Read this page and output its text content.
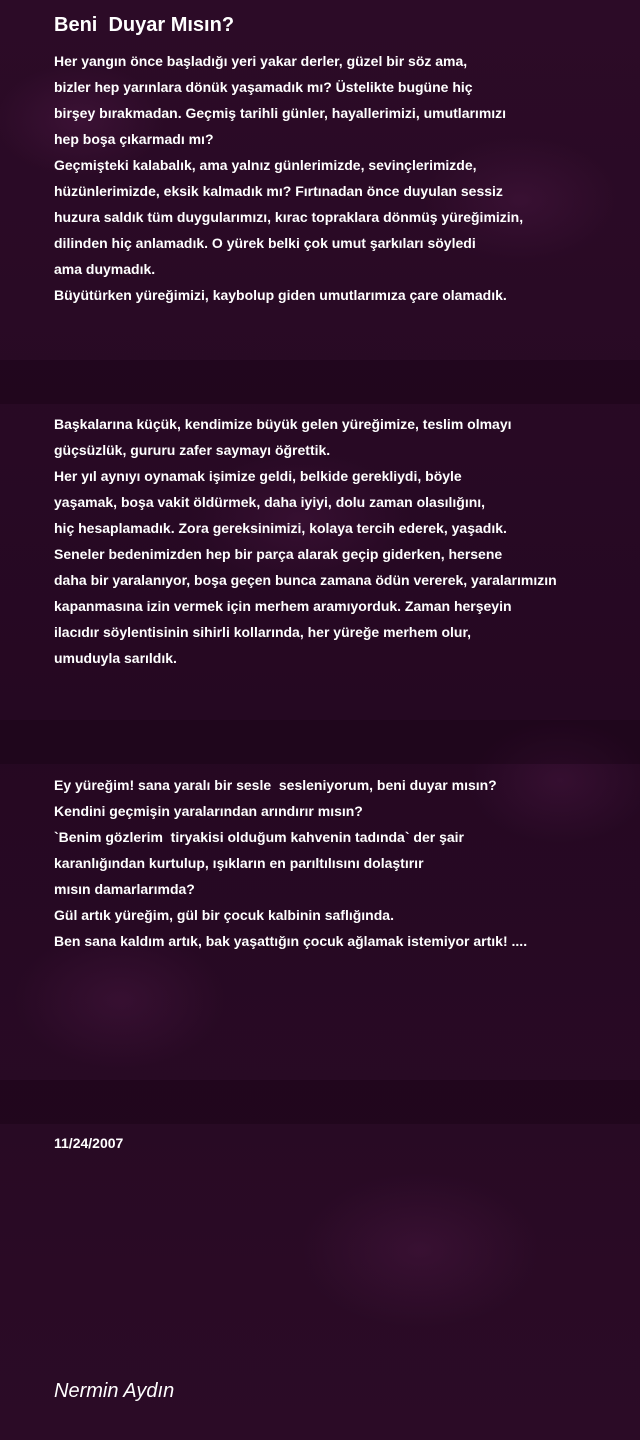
Beni  Duyar Mısın?
Her yangın önce başladığı yeri yakar derler, güzel bir söz ama,
bizler hep yarınlara dönük yaşamadık mı? Üstelikte bugüne hiç
birşey bırakmadan. Geçmiş tarihli günler, hayallerimizi, umutlarımızı
hep boşa çıkarmadı mı?
Geçmişteki kalabalık, ama yalnız günlerimizde, sevinçlerimizde,
hüzünlerimizde, eksik kalmadık mı? Fırtınadan önce duyulan sessiz
huzura saldık tüm duygularımızı, kırac topraklara dönmüş yüreğimizin,
dilinden hiç anlamadık. O yürek belki çok umut şarkıları söyledi
ama duymadık.
Büyütürken yüreğimizi, kaybolup giden umutlarımıza çare olamadık.
Başkalarına küçük, kendimize büyük gelen yüreğimize, teslim olmayı
güçsüzlük, gururu zafer saymayı öğrettik.
Her yıl aynıyı oynamak işimize geldi, belkide gerekliydi, böyle
yaşamak, boşa vakit öldürmek, daha iyiyi, dolu zaman olasılığını,
hiç hesaplamadık. Zora gereksinimizi, kolaya tercih ederek, yaşadık.
Seneler bedenimizden hep bir parça alarak geçip giderken, hersene
daha bir yaralanıyor, boşa geçen bunca zamana ödün vererek, yaralarımızın
kapanmasına izin vermek için merhem aramıyorduk. Zaman herşeyin
ilacıdır söylentisinin sihirli kollarında, her yüreğe merhem olur,
umuduyla sarıldık.
Ey yüreğim! sana yaralı bir sesle  sesleniyorum, beni duyar mısın?
Kendini geçmişin yaralarından arındırır mısın?
`Benim gözlerim  tiryakisi olduğum kahvenin tadında` der şair
karanlığından kurtulup, ışıkların en parıltılısını dolaştırır
mısın damarlarımda?
Gül artık yüreğim, gül bir çocuk kalbinin saflığında.
Ben sana kaldım artık, bak yaşattığın çocuk ağlamak istemiyor artık! ....
11/24/2007
Nermin Aydın
